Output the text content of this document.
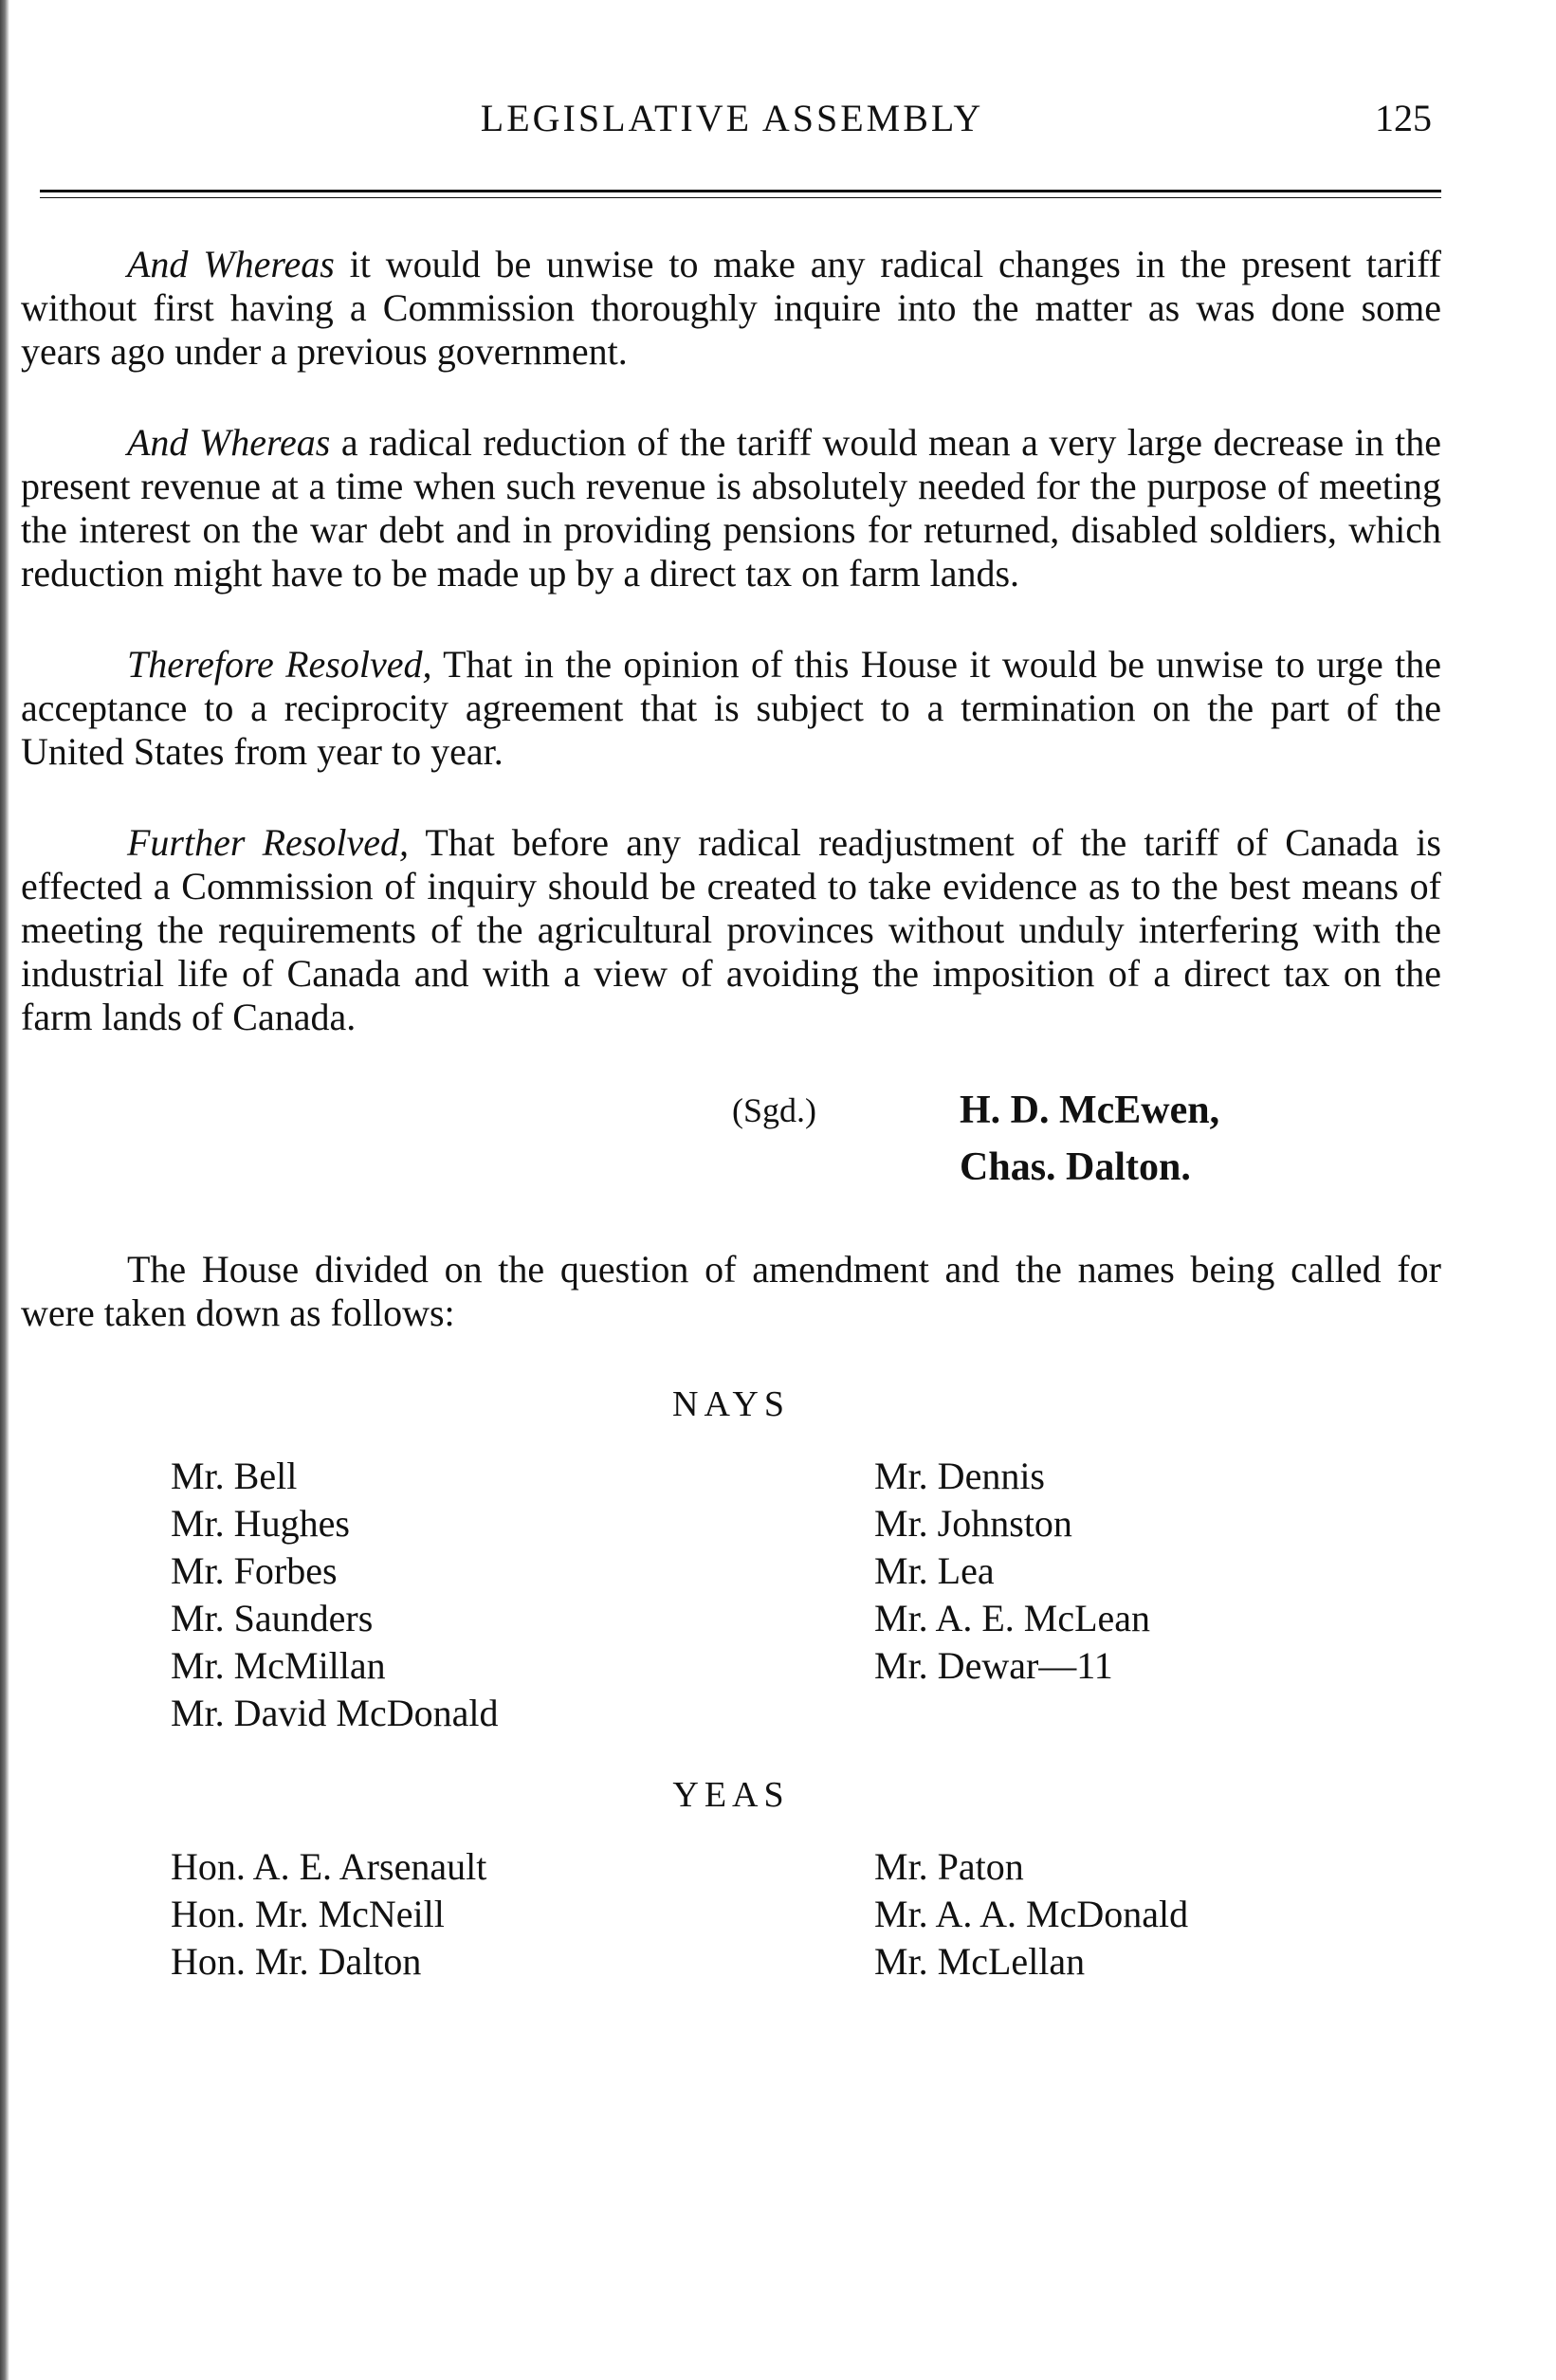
LEGISLATIVE ASSEMBLY	125

And Whereas it would be unwise to make any radical changes in the present tariff without first having a Commission thoroughly inquire into the matter as was done some years ago under a previous government.

And Whereas a radical reduction of the tariff would mean a very large decrease in the present revenue at a time when such revenue is absolutely needed for the purpose of meeting the interest on the war debt and in providing pensions for returned, disabled soldiers, which reduction might have to be made up by a direct tax on farm lands.

Therefore Resolved, That in the opinion of this House it would be unwise to urge the acceptance to a reciprocity agreement that is subject to a termination on the part of the United States from year to year.

Further Resolved, That before any radical readjustment of the tariff of Canada is effected a Commission of inquiry should be created to take evidence as to the best means of meeting the requirements of the agricultural provinces without unduly interfering with the industrial life of Canada and with a view of avoiding the imposition of a direct tax on the farm lands of Canada.

(Sgd.)	H. D. McEwen,
Chas. Dalton.

The House divided on the question of amendment and the names being called for were taken down as follows:

NAYS
Mr. Bell
Mr. Hughes
Mr. Forbes
Mr. Saunders
Mr. McMillan
Mr. David McDonald
Mr. Dennis
Mr. Johnston
Mr. Lea
Mr. A. E. McLean
Mr. Dewar—11
YEAS
Hon. A. E. Arsenault
Hon. Mr. McNeill
Hon. Mr. Dalton
Mr. Paton
Mr. A. A. McDonald
Mr. McLellan
